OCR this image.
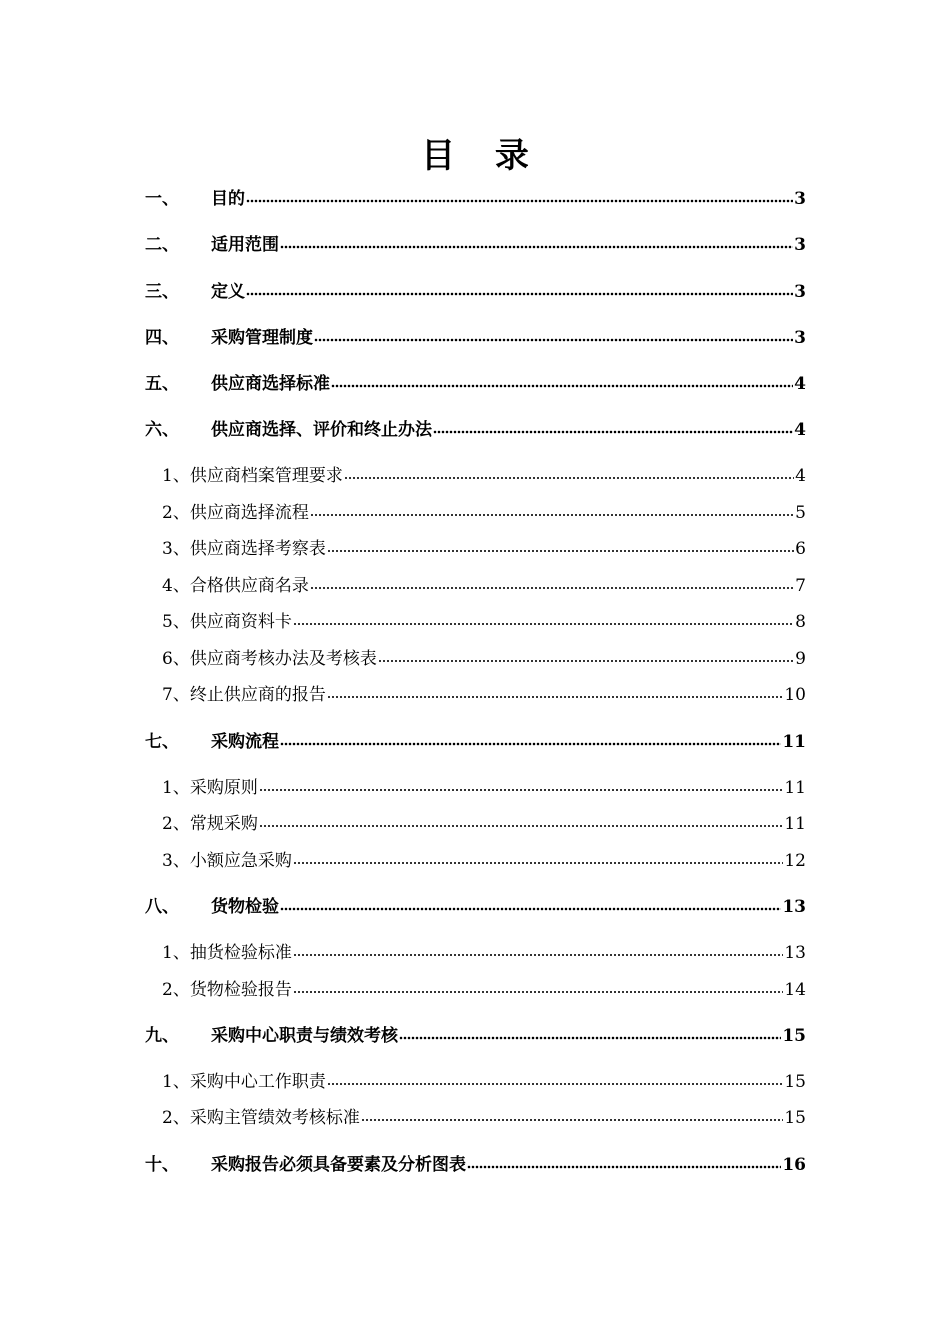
目 录
一、	目的	3
二、	适用范围	3
三、	定义	3
四、	采购管理制度	3
五、	供应商选择标准	4
六、	供应商选择、评价和终止办法	4
1、供应商档案管理要求	4
2、供应商选择流程	5
3、供应商选择考察表	6
4、合格供应商名录	7
5、供应商资料卡	8
6、供应商考核办法及考核表	9
7、终止供应商的报告	10
七、	采购流程	11
1、采购原则	11
2、常规采购	11
3、小额应急采购	12
八、	货物检验	13
1、抽货检验标准	13
2、货物检验报告	14
九、	采购中心职责与绩效考核	15
1、采购中心工作职责	15
2、采购主管绩效考核标准	15
十、	采购报告必须具备要素及分析图表	16
